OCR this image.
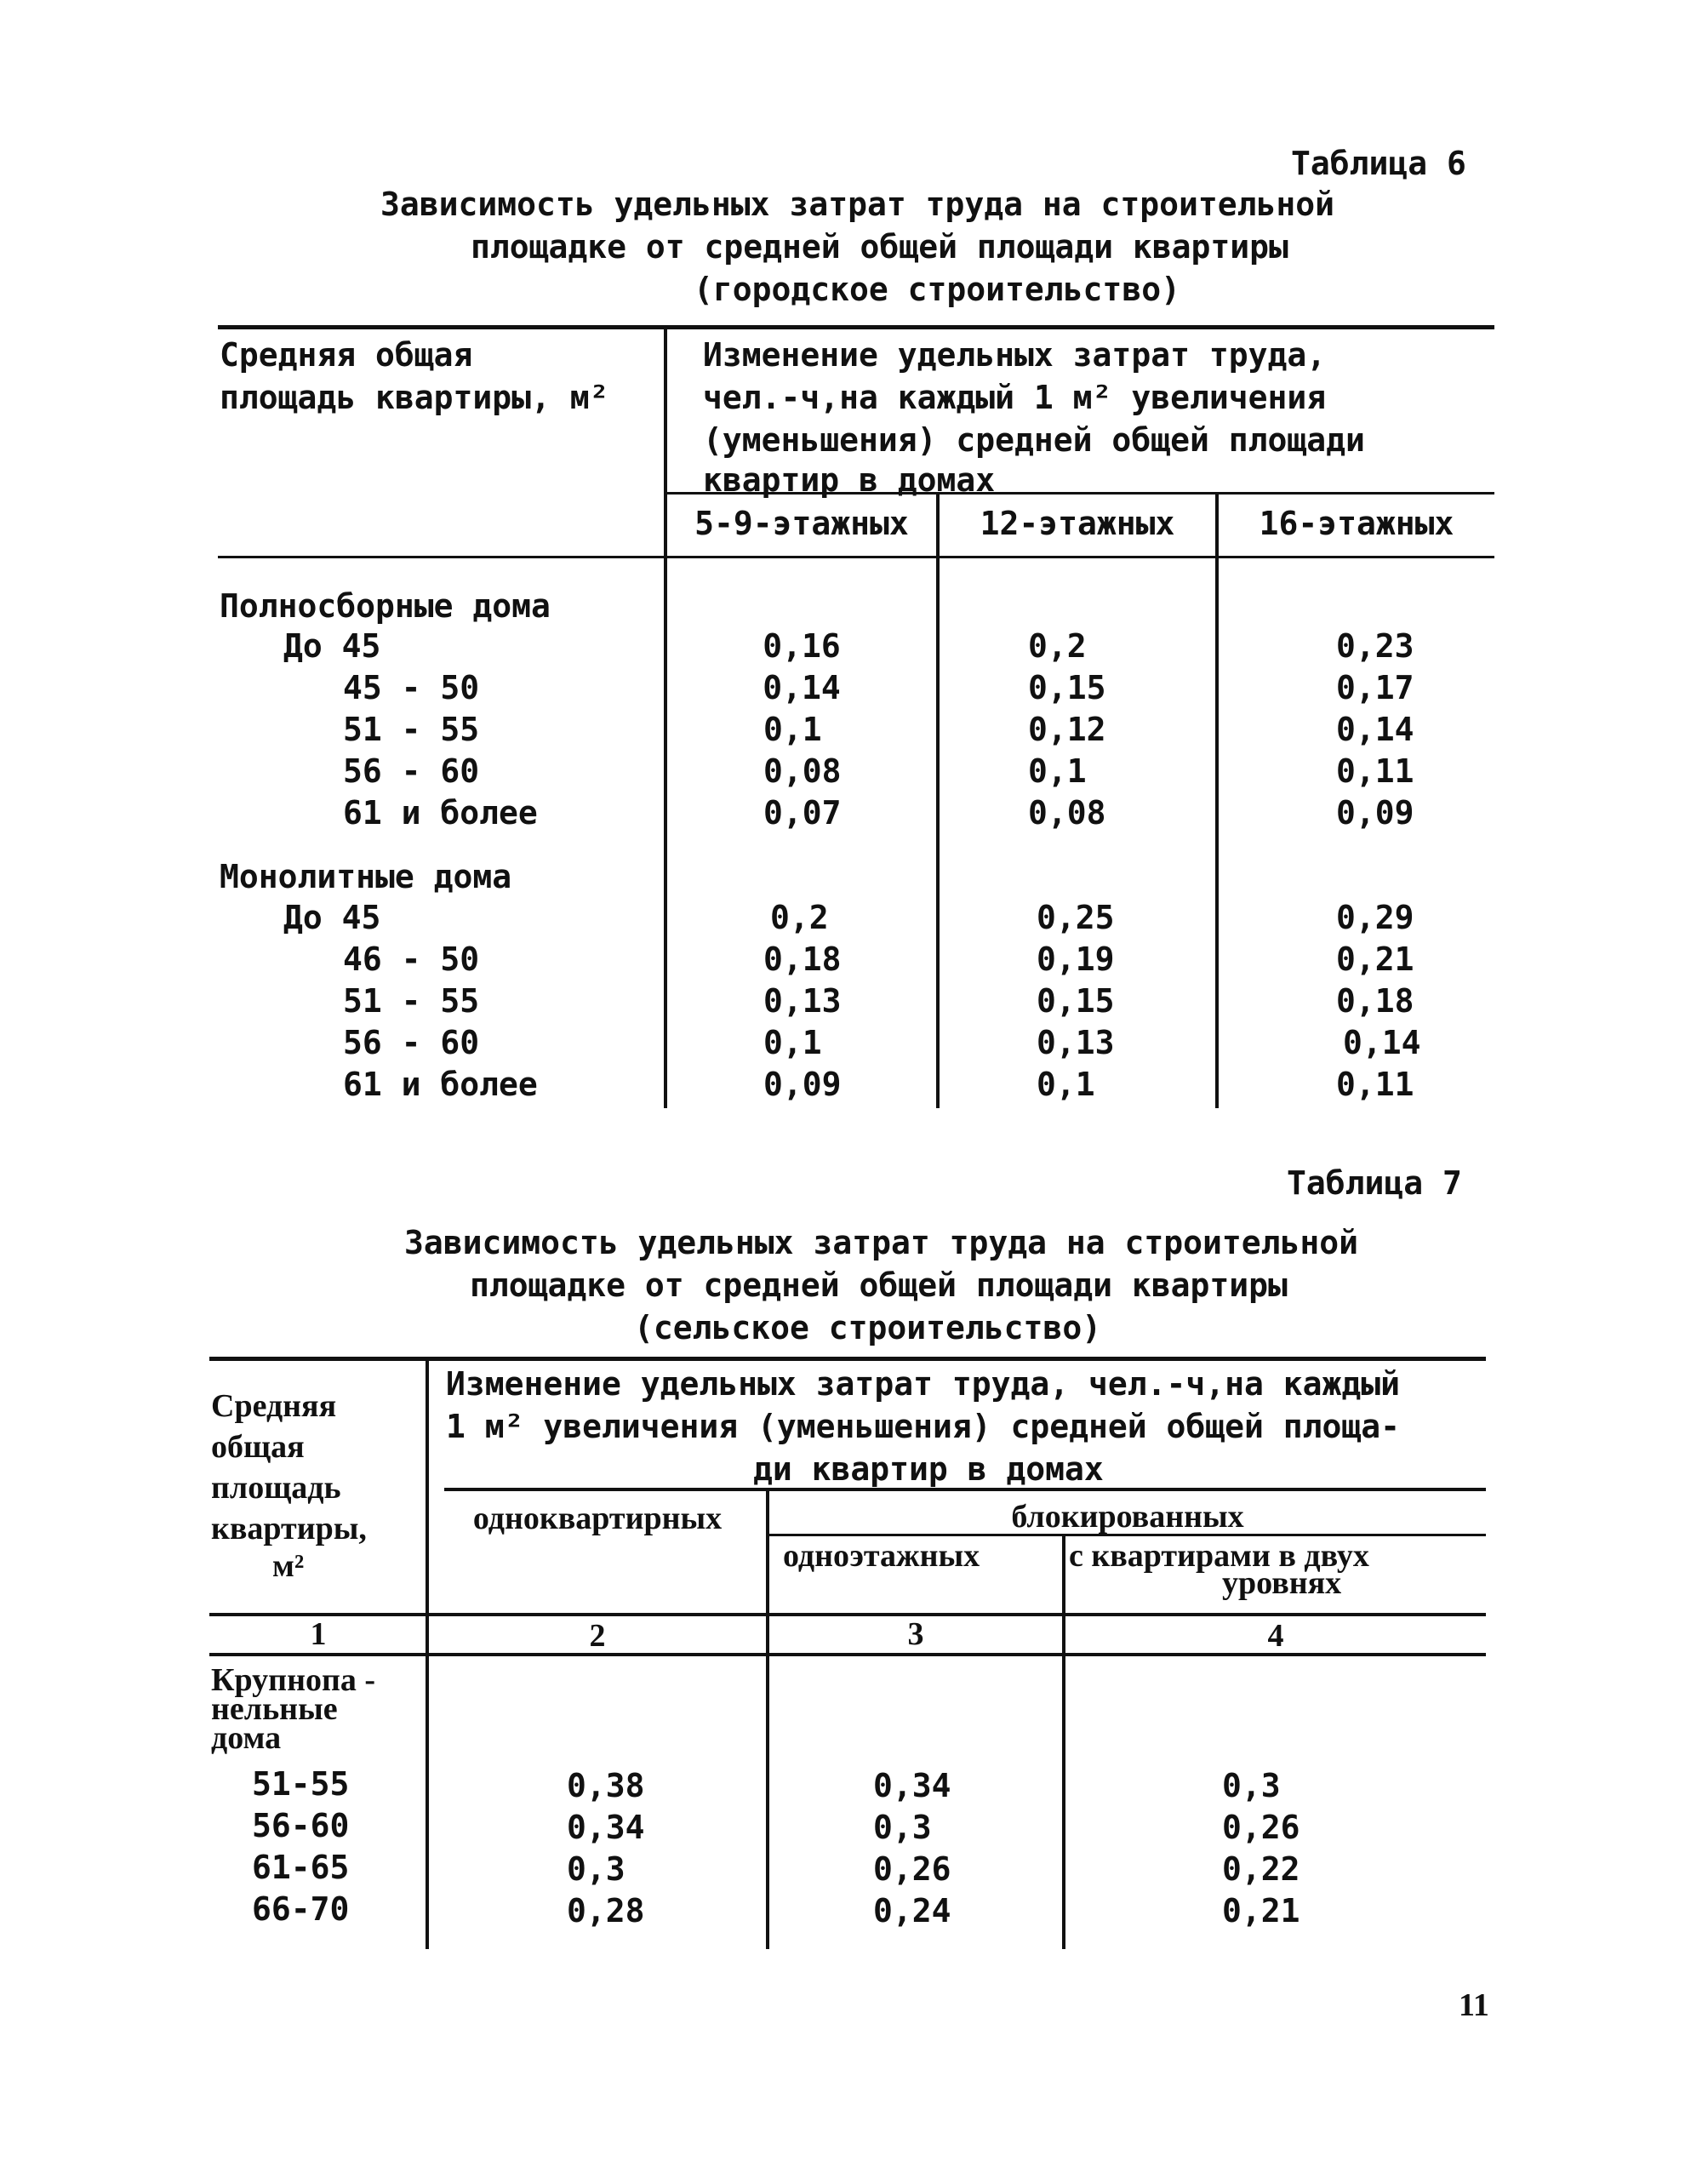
Таблица 6
Зависимость удельных затрат труда на строительной
площадке от средней общей площади квартиры
(городское строительство)
Средняя общая
площадь квартиры, м²
Изменение удельных затрат труда,
чел.-ч,на каждый 1 м² увеличения
(уменьшения) средней общей площади
квартир в домах
5-9-этажных	12-этажных	16-этажных
Полносборные дома
До 45	0,16	0,2	0,23
45 - 50	0,14	0,15	0,17
51 - 55	0,1	0,12	0,14
56 - 60	0,08	0,1	0,11
61 и более	0,07	0,08	0,09
Монолитные дома
До 45	0,2	0,25	0,29
46 - 50	0,18	0,19	0,21
51 - 55	0,13	0,15	0,18
56 - 60	0,1	0,13	0,14
61 и более	0,09	0,1	0,11
Таблица 7
Зависимость удельных затрат труда на строительной
площадке от средней общей площади квартиры
(сельское строительство)
Средняя
общая
площадь
квартиры,
м²
Изменение удельных затрат труда, чел.-ч,на каждый
1 м² увеличения (уменьшения) средней общей площа-
ди квартир в домах
одноквартирных	блокированных
одноэтажных	с квартирами в двух
уровнях
1	2	3	4
Крупнопа -
нельные
дома
51-55	0,38	0,34	0,3
56-60	0,34	0,3	0,26
61-65	0,3	0,26	0,22
66-70	0,28	0,24	0,21
11
